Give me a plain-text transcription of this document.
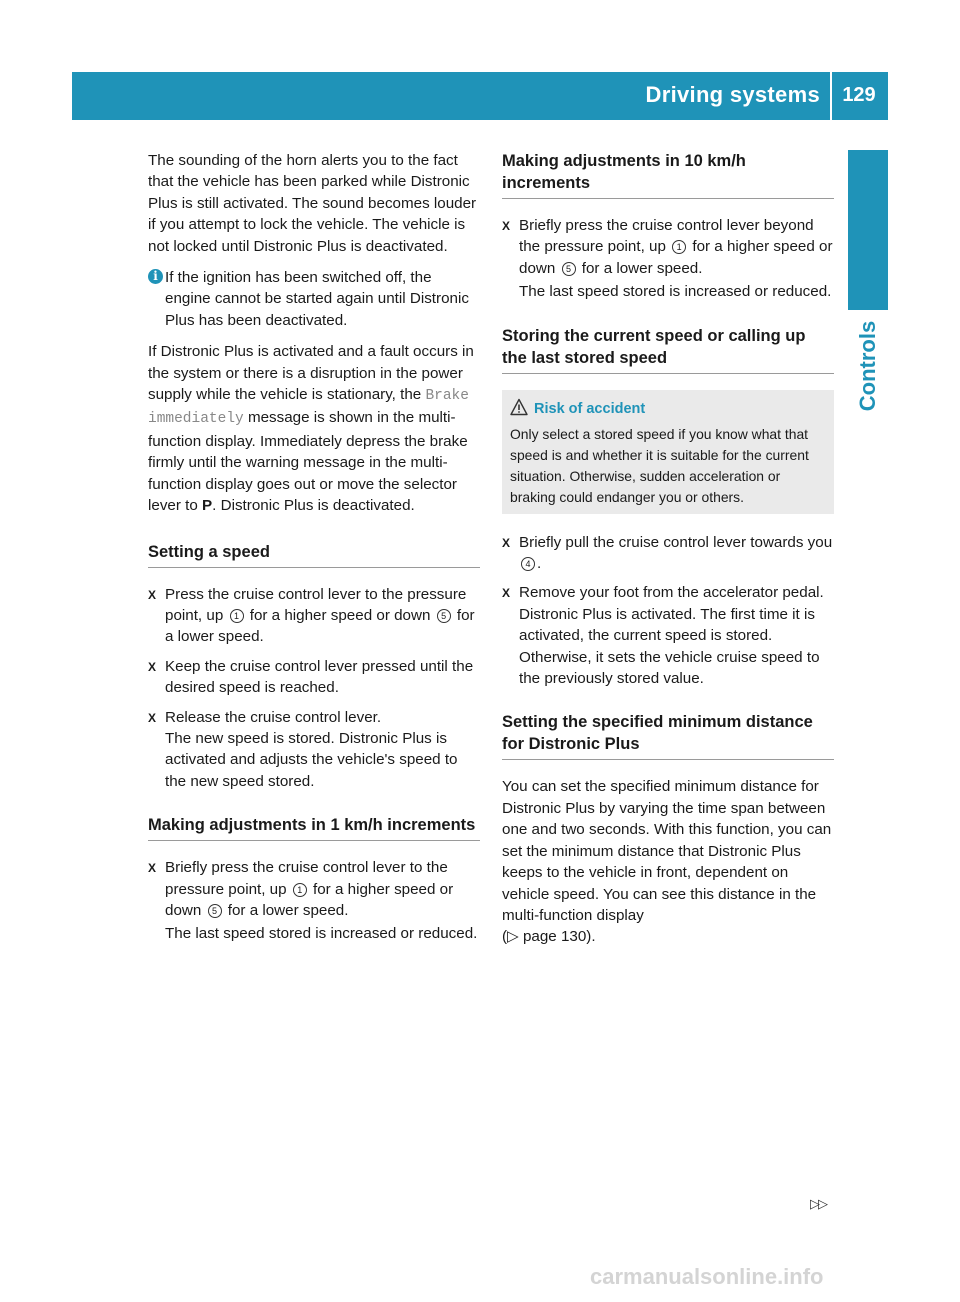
Driving systems	129
Controls

The sounding of the horn alerts you to the fact that the vehicle has been parked while Distronic Plus is still activated. The sound becomes louder if you attempt to lock the vehicle. The vehicle is not locked until Distronic Plus is deactivated.

i If the ignition has been switched off, the engine cannot be started again until Distronic Plus has been deactivated.

If Distronic Plus is activated and a fault occurs in the system or there is a disruption in the power supply while the vehicle is stationary, the Brake immediately message is shown in the multi-function display. Immediately depress the brake firmly until the warning message in the multi-function display goes out or move the selector lever to P. Distronic Plus is deactivated.

Setting a speed
X Press the cruise control lever to the pressure point, up 1 for a higher speed or down 5 for a lower speed.

X Keep the cruise control lever pressed until the desired speed is reached.

X Release the cruise control lever.

The new speed is stored. Distronic Plus is activated and adjusts the vehicle's speed to the new speed stored.

Making adjustments in 1 km/h increments
X Briefly press the cruise control lever to the pressure point, up 1 for a higher speed or down 5 for a lower speed.

The last speed stored is increased or reduced.

Making adjustments in 10 km/h increments
X Briefly press the cruise control lever beyond the pressure point, up 1 for a higher speed or down 5 for a lower speed.

The last speed stored is increased or reduced.

Storing the current speed or calling up the last stored speed
Risk of accident
Only select a stored speed if you know what that speed is and whether it is suitable for the current situation. Otherwise, sudden acceleration or braking could endanger you or others.
X Briefly pull the cruise control lever towards you 4 .

X Remove your foot from the accelerator pedal.

Distronic Plus is activated. The first time it is activated, the current speed is stored. Otherwise, it sets the vehicle cruise speed to the previously stored value.

Setting the specified minimum distance for Distronic Plus

You can set the specified minimum distance for Distronic Plus by varying the time span between one and two seconds. With this function, you can set the minimum distance that Distronic Plus keeps to the vehicle in front, dependent on vehicle speed. You can see this distance in the multi-function display
(▷ page 130).

▷▷
carmanualsonline.info
